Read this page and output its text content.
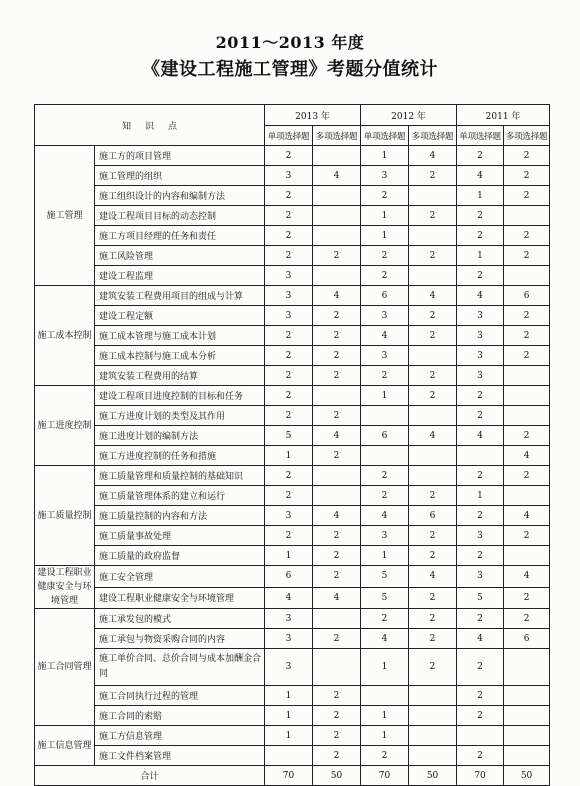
2011～2013 年度
《建设工程施工管理》考题分值统计
知识点		2013 年		2012 年		2011 年	
		单项选择题	多项选择题	单项选择题	多项选择题	单项选择题	多项选择题
施工管理	施工方的项目管理	2		1	4	2	2
	施工管理的组织	3	4	3	2	4	2
	施工组织设计的内容和编制方法	2		2		1	2
	建设工程项目目标的动态控制	2		1	2	2	
	施工方项目经理的任务和责任	2		1		2	2
	施工风险管理	2	2	2	2	1	2
	建设工程监理	3		2		2	
施工成本控制	建筑安装工程费用项目的组成与计算	3	4	6	4	4	6
	建设工程定额	3	2	3	2	3	2
	施工成本管理与施工成本计划	2	2	4	2	3	2
	施工成本控制与施工成本分析	2	2	3		3	2
	建筑安装工程费用的结算	2	2	2	2	3	
施工进度控制	建设工程项目进度控制的目标和任务	2		1	2	2	
	施工方进度计划的类型及其作用	2	2			2	
	施工进度计划的编制方法	5	4	6	4	4	2
	施工方进度控制的任务和措施	1	2				4
施工质量控制	施工质量管理和质量控制的基础知识	2		2		2	2
	施工质量管理体系的建立和运行	2		2	2	1	
	施工质量控制的内容和方法	3	4	4	6	2	4
	施工质量事故处理	2	2	3	2	3	2
	施工质量的政府监督	1	2	1	2	2	
建设工程职业健康安全与环境管理	施工安全管理	6	2	5	4	3	4
	建设工程职业健康安全与环境管理	4	4	5	2	5	2
施工合同管理	施工承发包的模式	3		2	2	2	2
	施工承包与物资采购合同的内容	3	2	4	2	4	6
	施工单价合同、总价合同与成本加酬金合同	3		1	2	2	
	施工合同执行过程的管理	1	2			2	
	施工合同的索赔	1	2	1		2	
施工信息管理	施工方信息管理	1	2	1			
	施工文件档案管理		2	2		2	
合计		70	50	70	50	70	50
